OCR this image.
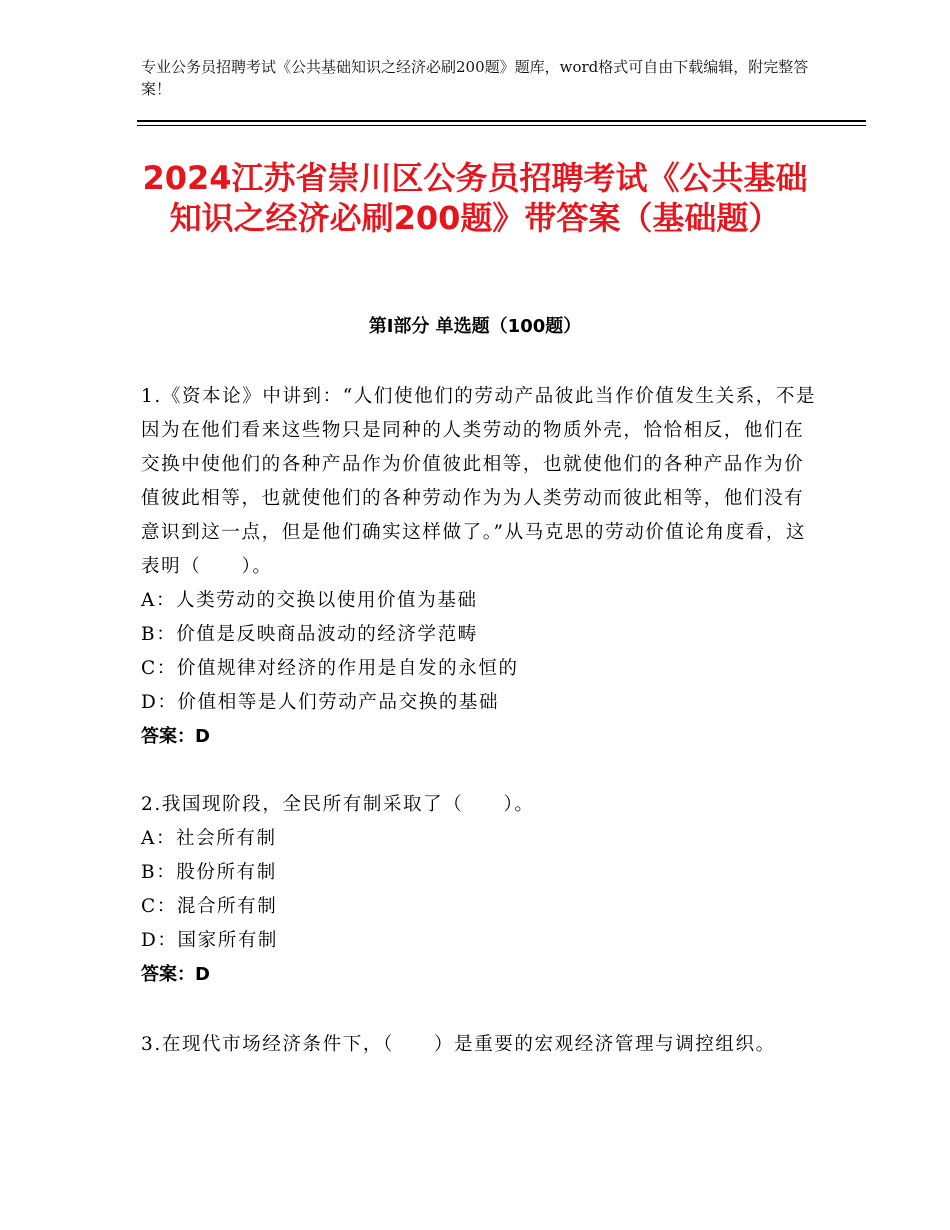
专业公务员招聘考试《公共基础知识之经济必刷200题》题库，word格式可自由下载编辑，附完整答案！
2024江苏省崇川区公务员招聘考试《公共基础知识之经济必刷200题》带答案（基础题）
第Ⅰ部分 单选题（100题）

1.《资本论》中讲到：“人们使他们的劳动产品彼此当作价值发生关系，不是因为在他们看来这些物只是同种的人类劳动的物质外壳，恰恰相反，他们在交换中使他们的各种产品作为价值彼此相等，也就使他们的各种产品作为价值彼此相等，也就使他们的各种劳动作为为人类劳动而彼此相等，他们没有意识到这一点，但是他们确实这样做了。”从马克思的劳动价值论角度看，这表明（　　）。

A：人类劳动的交换以使用价值为基础
B：价值是反映商品波动的经济学范畴
C：价值规律对经济的作用是自发的永恒的
D：价值相等是人们劳动产品交换的基础
答案：D

2.我国现阶段，全民所有制采取了（　　）。

A：社会所有制
B：股份所有制
C：混合所有制
D：国家所有制
答案：D

3.在现代市场经济条件下，（　　）是重要的宏观经济管理与调控组织。
